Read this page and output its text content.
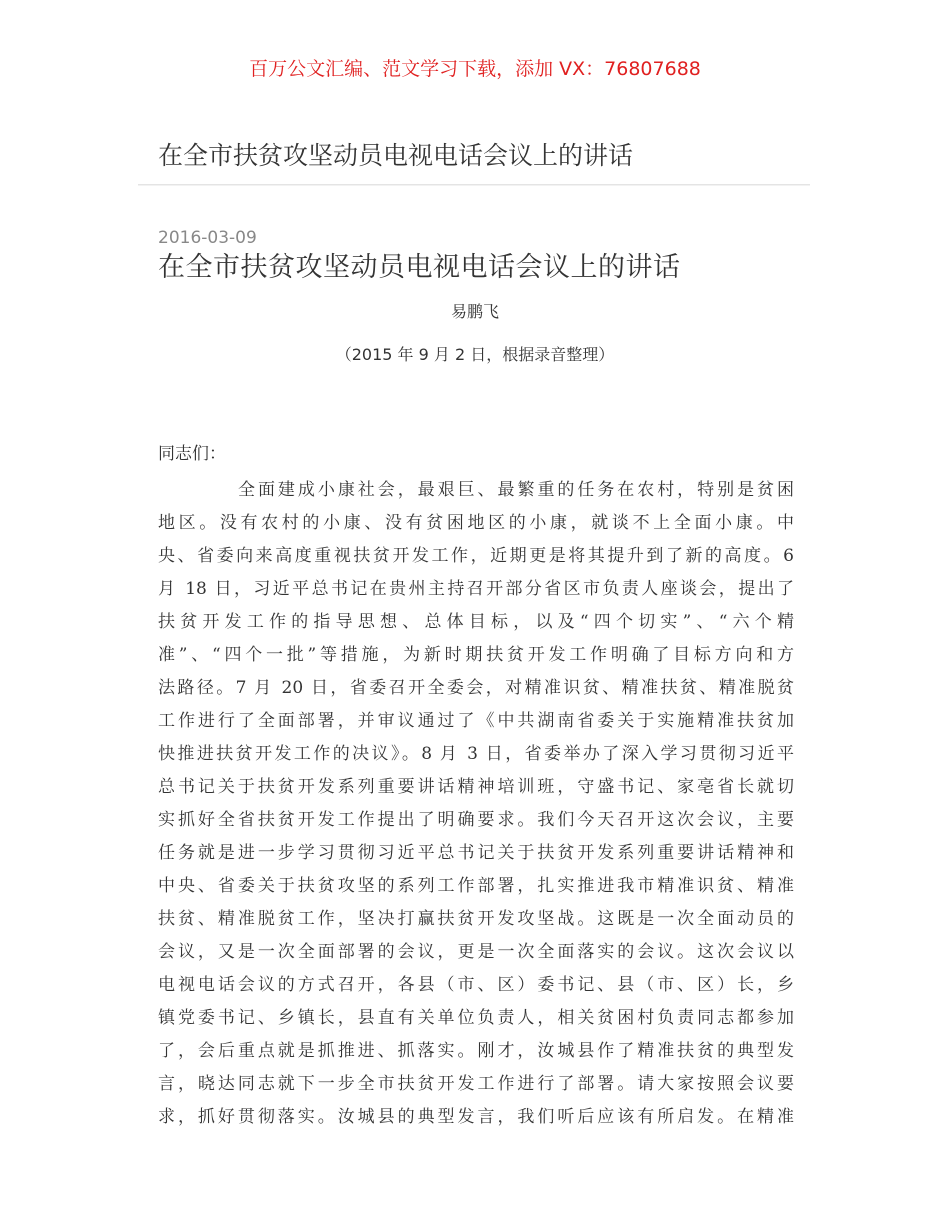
百万公文汇编、范文学习下载，添加 VX：76807688
在全市扶贫攻坚动员电视电话会议上的讲话
2016-03-09
在全市扶贫攻坚动员电视电话会议上的讲话
易鹏飞
（2015 年 9 月 2 日，根据录音整理）
同志们：
全面建成小康社会，最艰巨、最繁重的任务在农村，特别是贫困
地区。没有农村的小康、没有贫困地区的小康，就谈不上全面小康。中
央、省委向来高度重视扶贫开发工作，近期更是将其提升到了新的高度。6
月 18 日，习近平总书记在贵州主持召开部分省区市负责人座谈会，提出了
扶贫开发工作的指导思想、总体目标，以及“四个切实”、“六个精
准”、“四个一批”等措施，为新时期扶贫开发工作明确了目标方向和方
法路径。7 月 20 日，省委召开全委会，对精准识贫、精准扶贫、精准脱贫
工作进行了全面部署，并审议通过了《中共湖南省委关于实施精准扶贫加
快推进扶贫开发工作的决议》。8 月 3 日，省委举办了深入学习贯彻习近平
总书记关于扶贫开发系列重要讲话精神培训班，守盛书记、家亳省长就切
实抓好全省扶贫开发工作提出了明确要求。我们今天召开这次会议，主要
任务就是进一步学习贯彻习近平总书记关于扶贫开发系列重要讲话精神和
中央、省委关于扶贫攻坚的系列工作部署，扎实推进我市精准识贫、精准
扶贫、精准脱贫工作，坚决打赢扶贫开发攻坚战。这既是一次全面动员的
会议，又是一次全面部署的会议，更是一次全面落实的会议。这次会议以
电视电话会议的方式召开，各县（市、区）委书记、县（市、区）长，乡
镇党委书记、乡镇长，县直有关单位负责人，相关贫困村负责同志都参加
了，会后重点就是抓推进、抓落实。刚才，汝城县作了精准扶贫的典型发
言，晓达同志就下一步全市扶贫开发工作进行了部署。请大家按照会议要
求，抓好贯彻落实。汝城县的典型发言，我们听后应该有所启发。在精准
